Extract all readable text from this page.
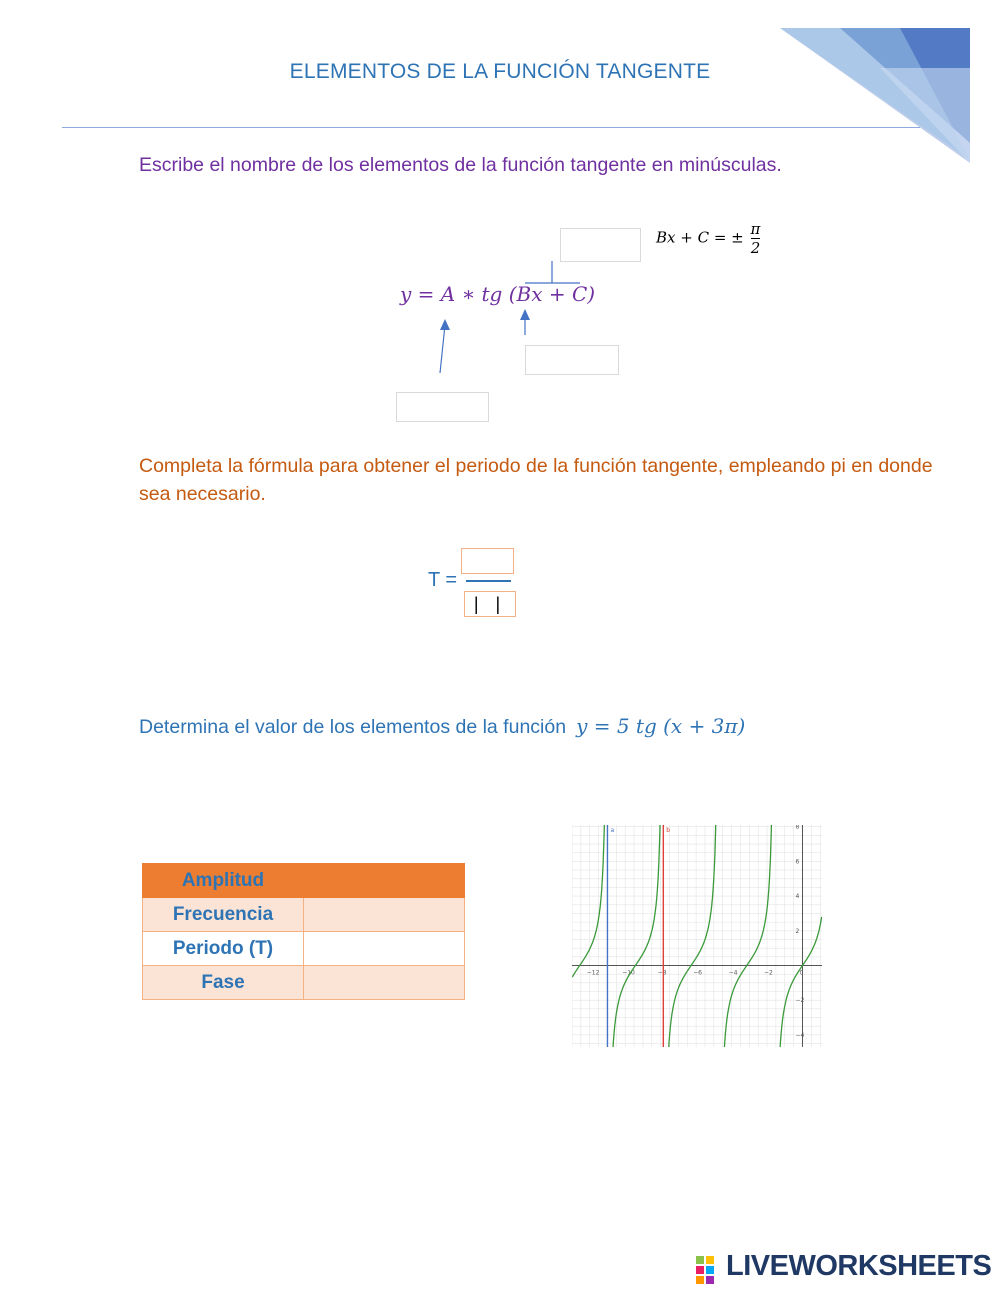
ELEMENTOS DE LA FUNCIÓN TANGENTE
Escribe el nombre de los elementos de la función tangente en minúsculas.
Bx + C = ± $\frac{\pi}{2}$
y = A ∗ tg (Bx + C)
Completa la fórmula para obtener el periodo de la función tangente, empleando pi en donde sea necesario.
T =
| |
Determina el valor de los elementos de la función y = 5 tg (x + 3π)
Amplitud	
Frecuencia	
Periodo (T)	
Fase		−12	−10	−8	−6	−4	−2	0
8
6
4
2
−2
−4
a	b
LIVEWORKSHEETS
